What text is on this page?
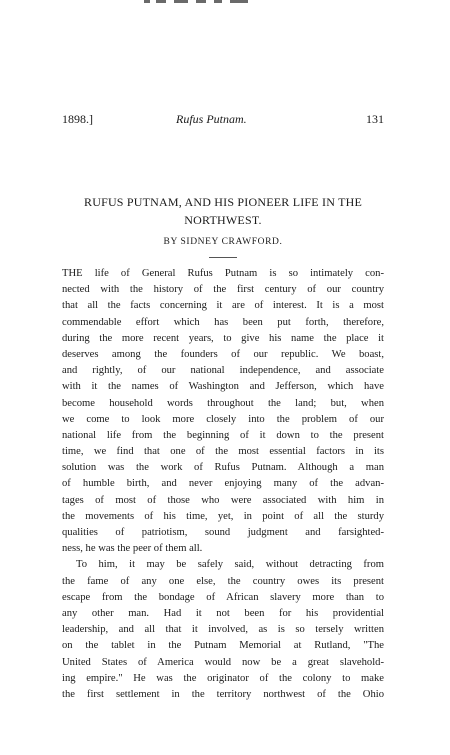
1898.]	Rufus Putnam.	131
RUFUS PUTNAM, AND HIS PIONEER LIFE IN THE
NORTHWEST.
BY SIDNEY CRAWFORD.
THE life of General Rufus Putnam is so intimately con-
nected with the history of the first century of our country
that all the facts concerning it are of interest. It is a most
commendable effort which has been put forth, therefore,
during the more recent years, to give his name the place it
deserves among the founders of our republic. We boast,
and rightly, of our national independence, and associate
with it the names of Washington and Jefferson, which have
become household words throughout the land; but, when
we come to look more closely into the problem of our
national life from the beginning of it down to the present
time, we find that one of the most essential factors in its
solution was the work of Rufus Putnam. Although a man
of humble birth, and never enjoying many of the advan-
tages of most of those who were associated with him in
the movements of his time, yet, in point of all the sturdy
qualities of patriotism, sound judgment and farsighted-
ness, he was the peer of them all.
To him, it may be safely said, without detracting from
the fame of any one else, the country owes its present
escape from the bondage of African slavery more than to
any other man. Had it not been for his providential
leadership, and all that it involved, as is so tersely written
on the tablet in the Putnam Memorial at Rutland, "The
United States of America would now be a great slavehold-
ing empire." He was the originator of the colony to make
the first settlement in the territory northwest of the Ohio
